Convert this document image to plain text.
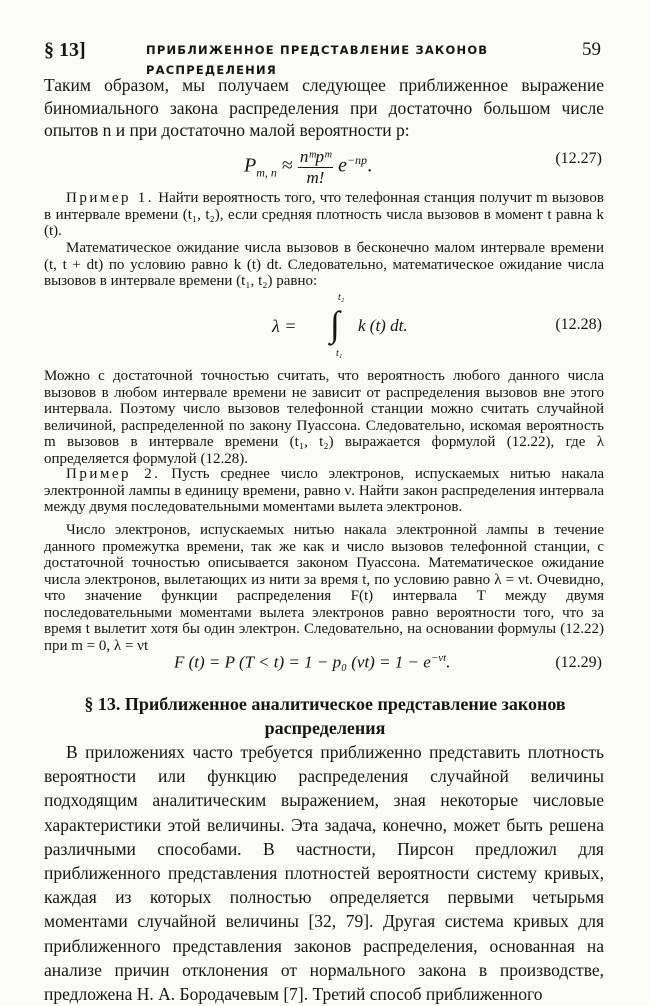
§ 13]	ПРИБЛИЖЕННОЕ ПРЕДСТАВЛЕНИЕ ЗАКОНОВ РАСПРЕДЕЛЕНИЯ
59
Таким образом, мы получаем следующее приближенное выражение биномиального закона распределения при достаточно большом числе опытов n и при достаточно малой вероятности p:
$P_{m, n} \approx \frac{\text{nᵐpᵐ}}{m!} e^{-np}$.	(12.27)
Пример 1. Найти вероятность того, что телефонная станция получит m вызовов в интервале времени (t₁, t₂), если средняя плотность числа вызовов в момент t равна k (t).
Математическое ожидание числа вызовов в бесконечно малом интервале времени (t, t + dt) по условию равно k (t) dt. Следовательно, математическое ожидание числа вызовов в интервале времени (t₁, t₂) равно:
λ =
t₂
∫
t₁
k (t) dt.	(12.28)
Можно с достаточной точностью считать, что вероятность любого данного числа вызовов в любом интервале времени не зависит от распределения вызовов вне этого интервала. Поэтому число вызовов телефонной станции можно считать случайной величиной, распределенной по закону Пуассона. Следовательно, искомая вероятность m вызовов в интервале времени (t₁, t₂) выражается формулой (12.22), где λ определяется формулой (12.28).
Пример 2. Пусть среднее число электронов, испускаемых нитью накала электронной лампы в единицу времени, равно ν. Найти закон распределения интервала между двумя последовательными моментами вылета электронов.
Число электронов, испускаемых нитью накала электронной лампы в течение данного промежутка времени, так же как и число вызовов телефонной станции, с достаточной точностью описывается законом Пуассона. Математическое ожидание числа электронов, вылетающих из нити за время t, по условию равно λ = νt. Очевидно, что значение функции распределения F(t) интервала T между двумя последовательными моментами вылета электронов равно вероятности того, что за время t вылетит хотя бы один электрон. Следовательно, на основании формулы (12.22) при m = 0, λ = νt
F (t) = P (T < t) = 1 − p₀ $(\nu t) = 1 - e^{-\nu t}$.	(12.29)
§ 13. Приближенное аналитическое представление законов распределения
В приложениях часто требуется приближенно представить плотность вероятности или функцию распределения случайной величины подходящим аналитическим выражением, зная некоторые числовые характеристики этой величины. Эта задача, конечно, может быть решена различными способами. В частности, Пирсон предложил для приближенного представления плотностей вероятности систему кривых, каждая из которых полностью определяется первыми четырьмя моментами случайной величины [32, 79]. Другая система кривых для приближенного представления законов распределения, основанная на анализе причин отклонения от нормального закона в производстве, предложена Н. А. Бородачевым [7]. Третий способ приближенного
